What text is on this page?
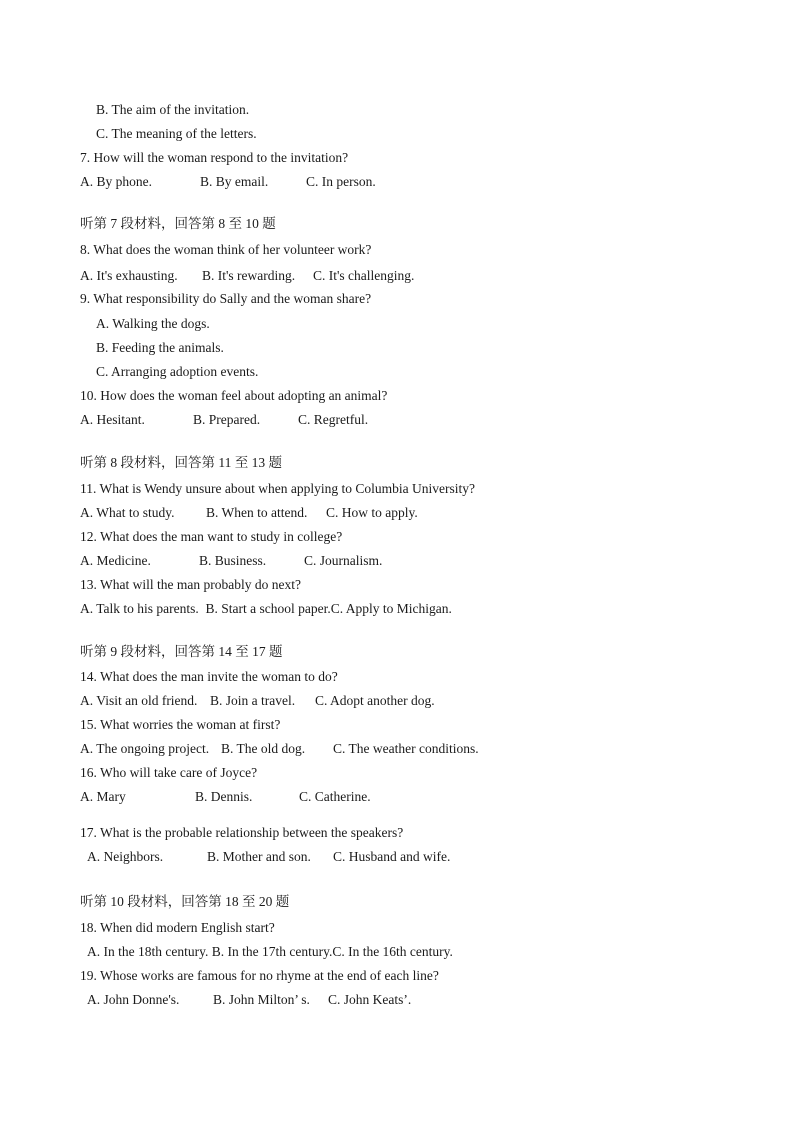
B. The aim of the invitation.
C. The meaning of the letters.
7. How will the woman respond to the invitation?
A. By phone.	B. By email.	C. In person.
听第 7 段材料，回答第 8 至 10 题
8. What does the woman think of her volunteer work?
A. It's exhausting. B. It's rewarding. C. It's challenging.
9. What responsibility do Sally and the woman share?
A. Walking the dogs.
B. Feeding the animals.
C. Arranging adoption events.
10. How does the woman feel about adopting an animal?
A. Hesitant.	B. Prepared.	C. Regretful.
听第 8 段材料，回答第 11 至 13 题
11. What is Wendy unsure about when applying to Columbia University?
A. What to study. B. When to attend. C. How to apply.
12. What does the man want to study in college?
A. Medicine.	B. Business.	C. Journalism.
13. What will the man probably do next?
A. Talk to his parents.  B. Start a school paper.C. Apply to Michigan.
听第 9 段材料，回答第 14 至 17 题
14. What does the man invite the woman to do?
A. Visit an old friend. B. Join a travel. C. Adopt another dog.
15. What worries the woman at first?
A. The ongoing project. B. The old dog. C. The weather conditions.
16. Who will take care of Joyce?
A. Mary	B. Dennis.	C. Catherine.
17. What is the probable relationship between the speakers?
A. Neighbors.	B. Mother and son. C. Husband and wife.
听第 10 段材料，回答第 18 至 20 题
18. When did modern English start?
A. In the 18th century. B. In the 17th century.C. In the 16th century.
19. Whose works are famous for no rhyme at the end of each line?
A. John Donne's. B. John Milton’ s. C. John Keats’.
